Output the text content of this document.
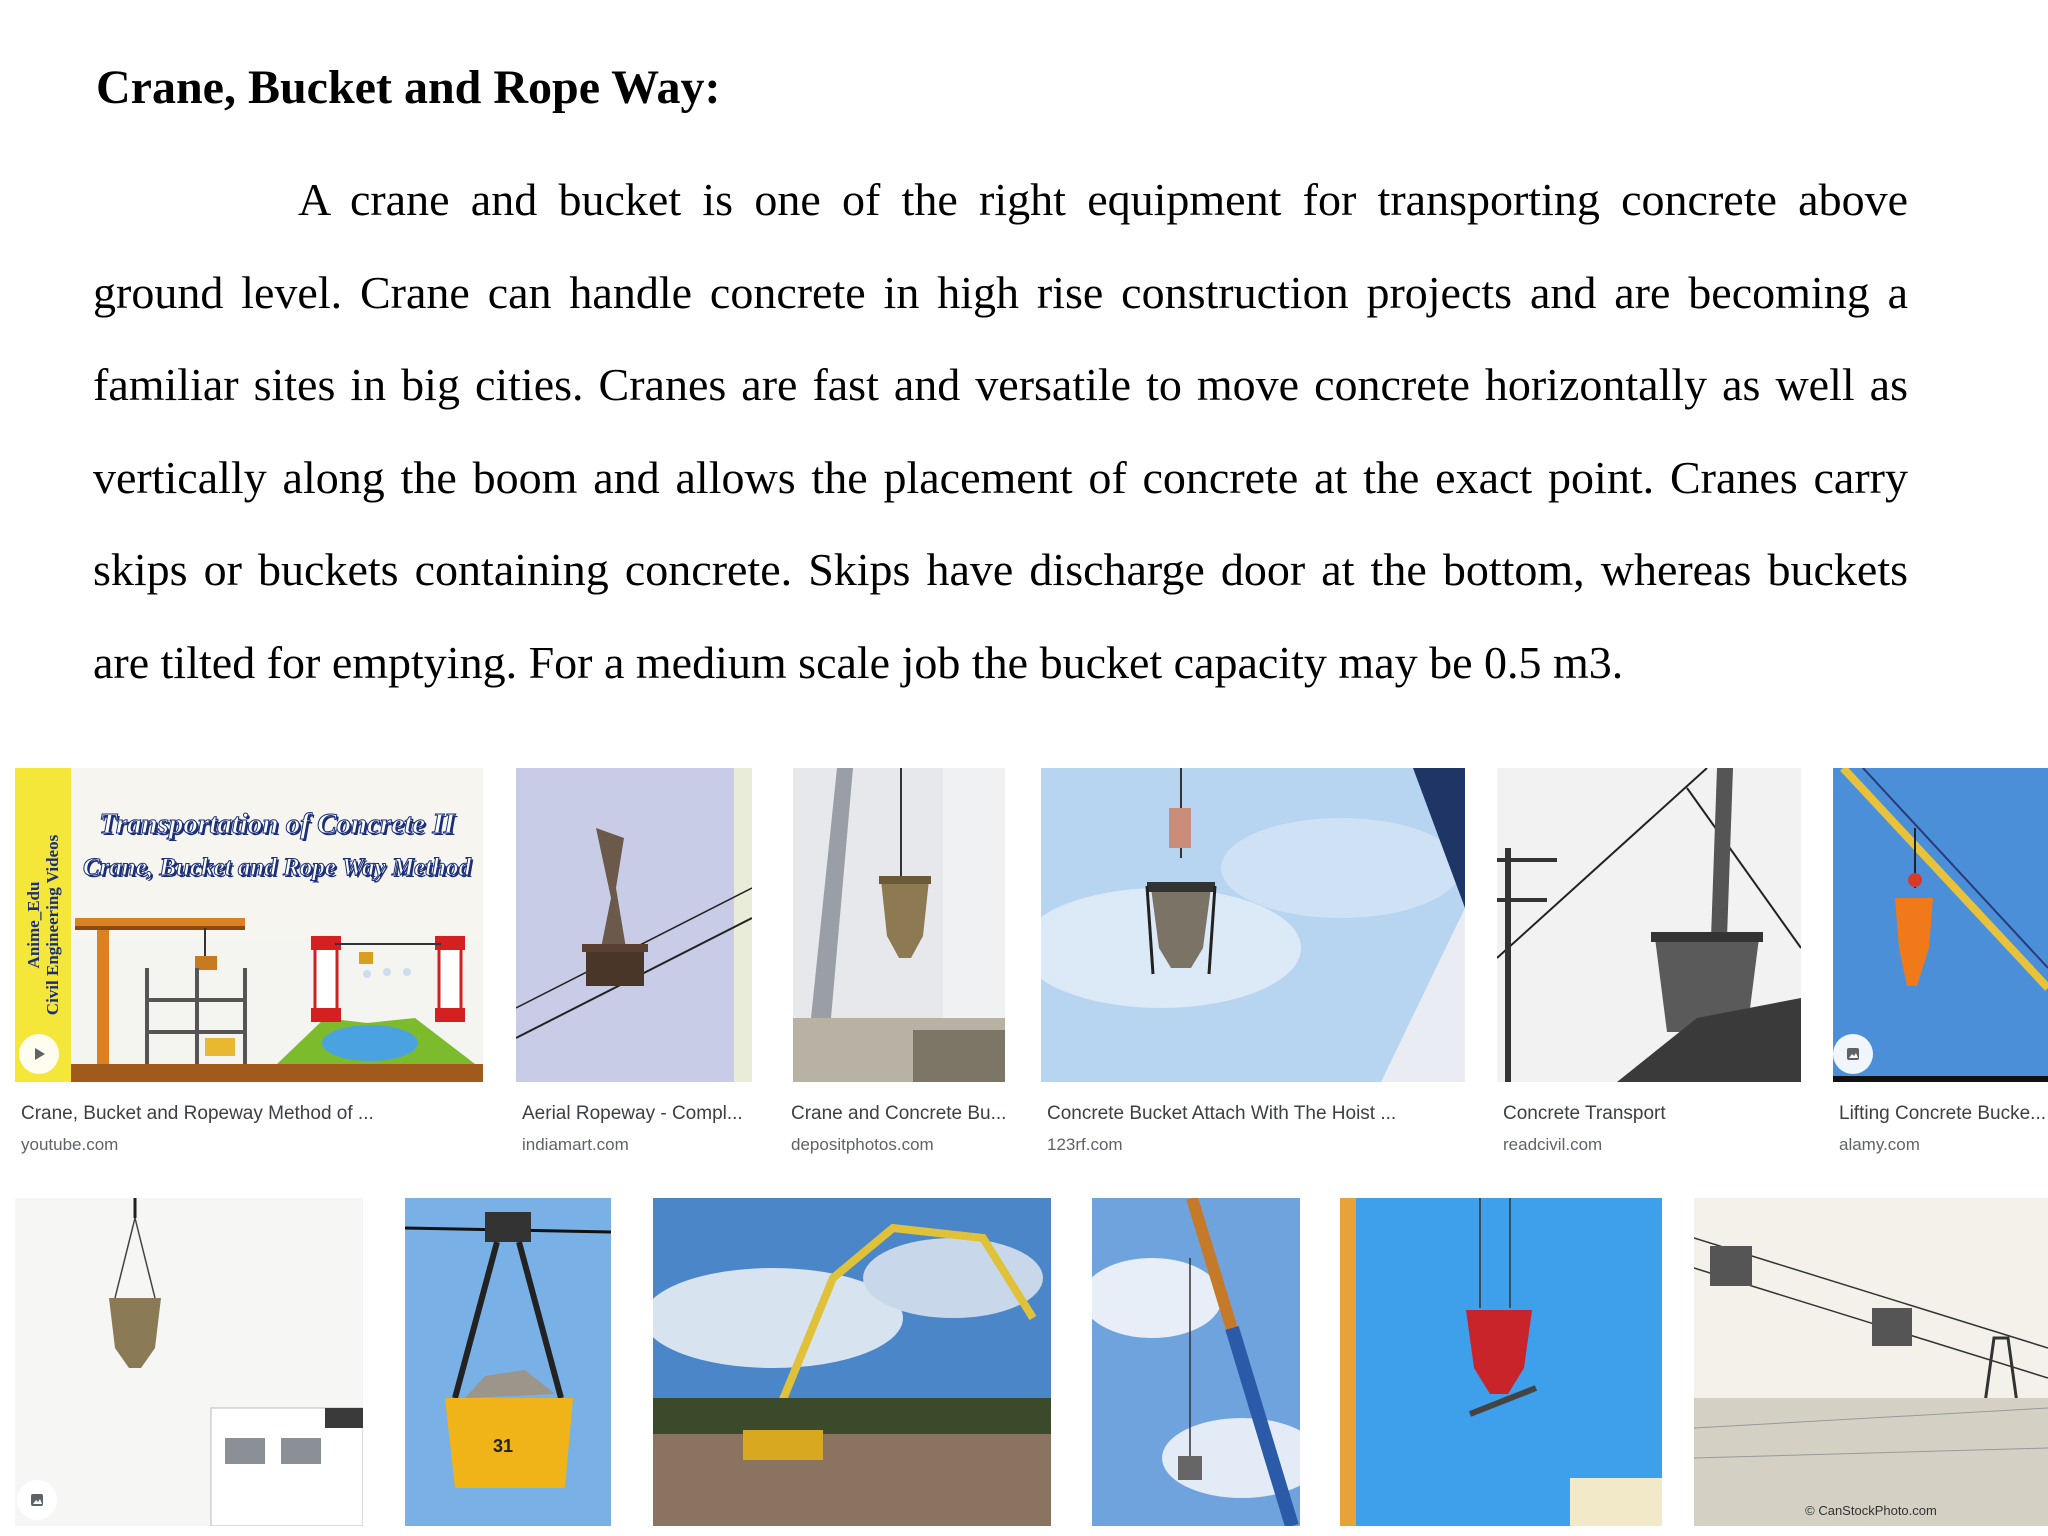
Crane, Bucket and Rope Way:

A crane and bucket is one of the right equipment for transporting concrete above ground level. Crane can handle concrete in high rise construction projects and are becoming a familiar sites in big cities. Cranes are fast and versatile to move concrete horizontally as well as vertically along the boom and allows the placement of concrete at the exact point. Cranes carry skips or buckets containing concrete. Skips have discharge door at the bottom, whereas buckets are tilted for emptying. For a medium scale job the bucket capacity may be 0.5 m3.

Anime_Edu Civil Engineering Videos
Transportation of Concrete II
Crane, Bucket and Rope Way Method
Crane, Bucket and Ropeway Method of ...
youtube.com
Aerial Ropeway - Compl...
indiamart.com
Crane and Concrete Bu...
depositphotos.com
Concrete Bucket Attach With The Hoist ...
123rf.com
Concrete Transport
readcivil.com
Lifting Concrete Bucke...
alamy.com
31
© CanStockPhoto.com
